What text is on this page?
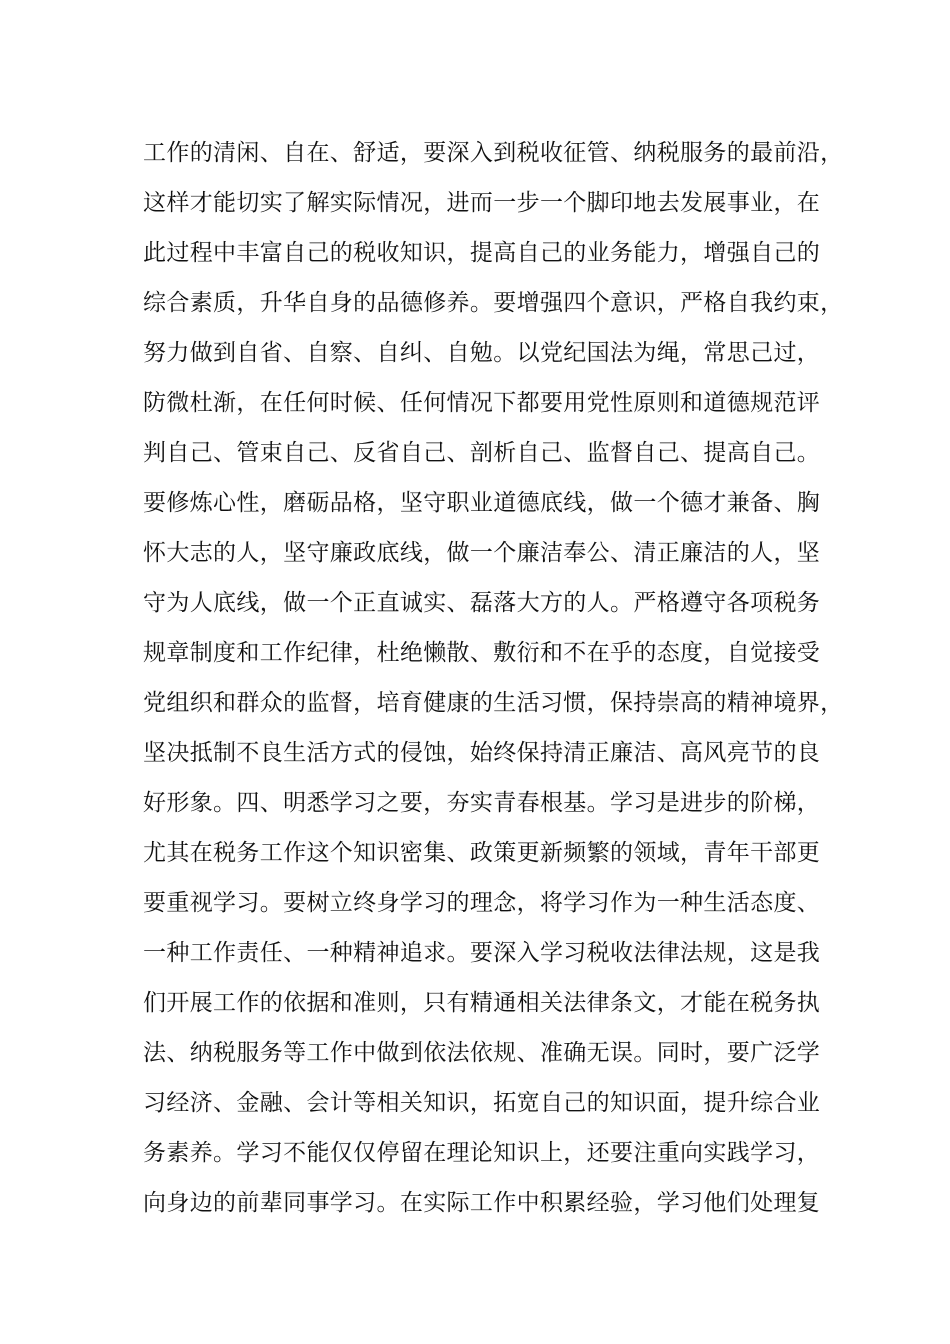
工作的清闲、自在、舒适，要深入到税收征管、纳税服务的最前沿，
这样才能切实了解实际情况，进而一步一个脚印地去发展事业，在
此过程中丰富自己的税收知识，提高自己的业务能力，增强自己的
综合素质，升华自身的品德修养。要增强四个意识，严格自我约束，
努力做到自省、自察、自纠、自勉。以党纪国法为绳，常思己过，
防微杜渐，在任何时候、任何情况下都要用党性原则和道德规范评
判自己、管束自己、反省自己、剖析自己、监督自己、提高自己。
要修炼心性，磨砺品格，坚守职业道德底线，做一个德才兼备、胸
怀大志的人，坚守廉政底线，做一个廉洁奉公、清正廉洁的人，坚
守为人底线，做一个正直诚实、磊落大方的人。严格遵守各项税务
规章制度和工作纪律，杜绝懒散、敷衍和不在乎的态度，自觉接受
党组织和群众的监督，培育健康的生活习惯，保持崇高的精神境界，
坚决抵制不良生活方式的侵蚀，始终保持清正廉洁、高风亮节的良
好形象。四、明悉学习之要，夯实青春根基。学习是进步的阶梯，
尤其在税务工作这个知识密集、政策更新频繁的领域，青年干部更
要重视学习。要树立终身学习的理念，将学习作为一种生活态度、
一种工作责任、一种精神追求。要深入学习税收法律法规，这是我
们开展工作的依据和准则，只有精通相关法律条文，才能在税务执
法、纳税服务等工作中做到依法依规、准确无误。同时，要广泛学
习经济、金融、会计等相关知识，拓宽自己的知识面，提升综合业
务素养。学习不能仅仅停留在理论知识上，还要注重向实践学习，
向身边的前辈同事学习。在实际工作中积累经验，学习他们处理复
